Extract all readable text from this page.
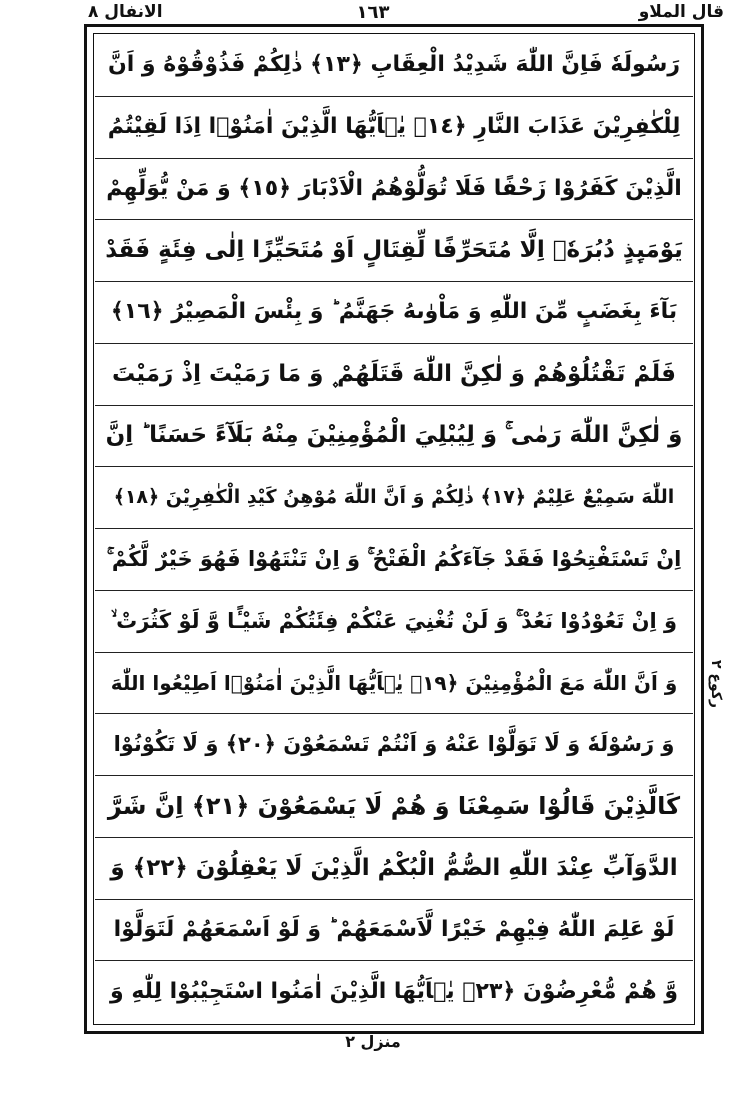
قال الملاو
١٦٣
الانفال ٨
رَسُولَهٗ فَاِنَّ اللّٰهَ شَدِيْدُ الْعِقَابِ ﴿١٣﴾ ذٰلِكُمْ فَذُوْقُوْهُ وَ اَنَّ
لِلْكٰفِرِيْنَ عَذَابَ النَّارِ ﴿١٤﴾ يٰۤاَيُّهَا الَّذِيْنَ اٰمَنُوْۤا اِذَا لَقِيْتُمُ
الَّذِيْنَ كَفَرُوْا زَحْفًا فَلَا تُوَلُّوْهُمُ الْاَدْبَارَ ﴿١٥﴾ وَ مَنْ يُّوَلِّهِمْ
يَوْمَىِٕذٍ دُبُرَهٗۤ اِلَّا مُتَحَرِّفًا لِّقِتَالٍ اَوْ مُتَحَيِّزًا اِلٰى فِئَةٍ فَقَدْ
بَآءَ بِغَضَبٍ مِّنَ اللّٰهِ وَ مَاْوٰىهُ جَهَنَّمُ ؕ وَ بِئْسَ الْمَصِيْرُ ﴿١٦﴾
فَلَمْ تَقْتُلُوْهُمْ وَ لٰكِنَّ اللّٰهَ قَتَلَهُمْ ۪ وَ مَا رَمَيْتَ اِذْ رَمَيْتَ
وَ لٰكِنَّ اللّٰهَ رَمٰى ۚ وَ لِيُبْلِيَ الْمُؤْمِنِيْنَ مِنْهُ بَلَآءً حَسَنًا ؕ اِنَّ
اللّٰهَ سَمِيْعٌ عَلِيْمٌ ﴿١٧﴾ ذٰلِكُمْ وَ اَنَّ اللّٰهَ مُوْهِنُ كَيْدِ الْكٰفِرِيْنَ ﴿١٨﴾
اِنْ تَسْتَفْتِحُوْا فَقَدْ جَآءَكُمُ الْفَتْحُ ۚ وَ اِنْ تَنْتَهُوْا فَهُوَ خَيْرٌ لَّكُمْ ۚ
وَ اِنْ تَعُوْدُوْا نَعُدْ ۚ وَ لَنْ تُغْنِيَ عَنْكُمْ فِئَتُكُمْ شَيْـًٔا وَّ لَوْ كَثُرَتْ ۙ
وَ اَنَّ اللّٰهَ مَعَ الْمُؤْمِنِيْنَ ﴿١٩﴾ يٰۤاَيُّهَا الَّذِيْنَ اٰمَنُوْۤا اَطِيْعُوا اللّٰهَ
وَ رَسُوْلَهٗ وَ لَا تَوَلَّوْا عَنْهُ وَ اَنْتُمْ تَسْمَعُوْنَ ﴿٢٠﴾ وَ لَا تَكُوْنُوْا
كَالَّذِيْنَ قَالُوْا سَمِعْنَا وَ هُمْ لَا يَسْمَعُوْنَ ﴿٢١﴾ اِنَّ شَرَّ
الدَّوَآبِّ عِنْدَ اللّٰهِ الصُّمُّ الْبُكْمُ الَّذِيْنَ لَا يَعْقِلُوْنَ ﴿٢٢﴾ وَ
لَوْ عَلِمَ اللّٰهُ فِيْهِمْ خَيْرًا لَّاَسْمَعَهُمْ ؕ وَ لَوْ اَسْمَعَهُمْ لَتَوَلَّوْا
وَّ هُمْ مُّعْرِضُوْنَ ﴿٢٣﴾ يٰۤاَيُّهَا الَّذِيْنَ اٰمَنُوا اسْتَجِيْبُوْا لِلّٰهِ وَ
ركوع ٢
منزل ٢
